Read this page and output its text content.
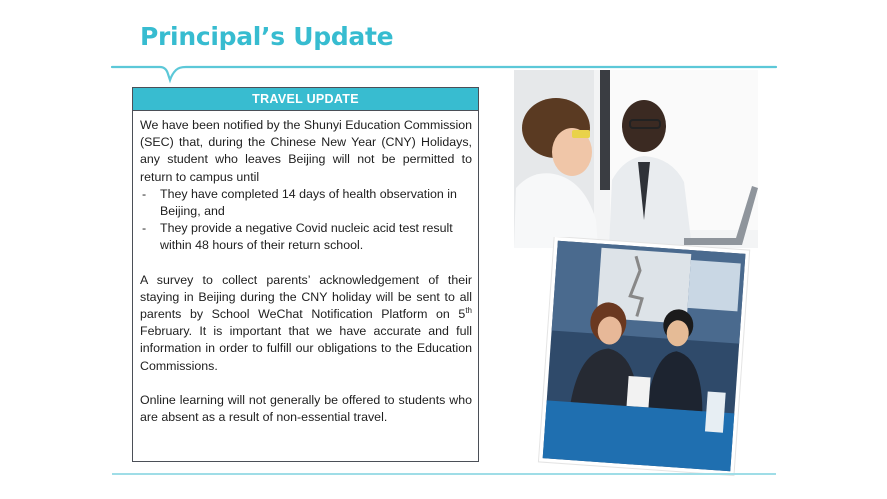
Principal’s Update
TRAVEL UPDATE

We have been notified by the Shunyi Education Commission (SEC) that, during the Chinese New Year (CNY) Holidays, any student who leaves Beijing will not be permitted to return to campus until

- They have completed 14 days of health observation in Beijing, and
- They provide a negative Covid nucleic acid test result within 48 hours of their return school.

A survey to collect parents’ acknowledgement of their staying in Beijing during the CNY holiday will be sent to all parents by School WeChat Notification Platform on 5th February. It is important that we have accurate and full information in order to fulfill our obligations to the Education Commissions.

Online learning will not generally be offered to students who are absent as a result of non-essential travel.
